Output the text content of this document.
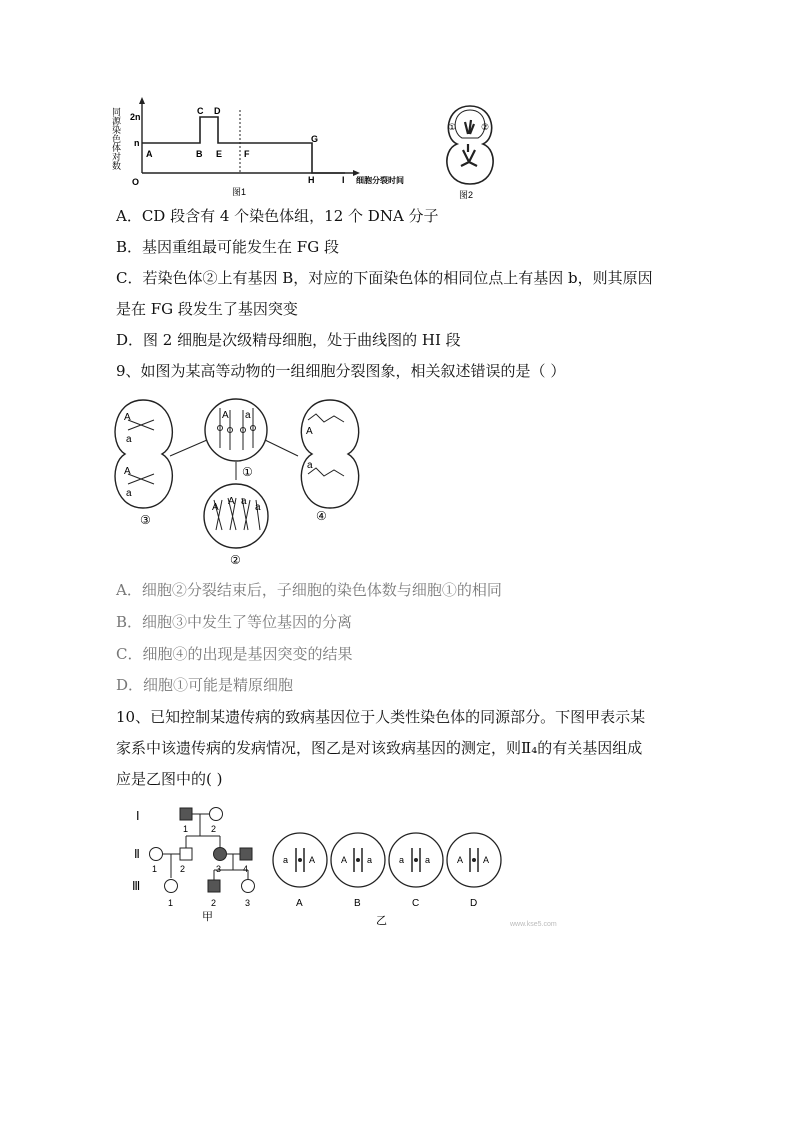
同源染色体对数 2n
n
A	B
C D
E F
G
H	I
O	细胞分裂时间
图1
①	②
图2
A．CD 段含有 4 个染色体组，12 个 DNA 分子
B．基因重组最可能发生在 FG 段
C．若染色体②上有基因 B，对应的下面染色体的相同位点上有基因 b，则其原因
是在 FG 段发生了基因突变
D．图 2 细胞是次级精母细胞，处于曲线图的 HI 段
9、如图为某高等动物的一组细胞分裂图象，相关叙述错误的是（ ）
A
a
A
a
③
A a
①
A
A a
a
②
A
a
④
A．细胞②分裂结束后，子细胞的染色体数与细胞①的相同
B．细胞③中发生了等位基因的分离
C．细胞④的出现是基因突变的结果
D．细胞①可能是精原细胞
10、已知控制某遗传病的致病基因位于人类性染色体的同源部分。下图甲表示某
家系中该遗传病的发病情况，图乙是对该致病基因的测定，则Ⅱ₄的有关基因组成
应是乙图中的( )
Ⅰ
Ⅱ
Ⅲ
1	2
1	2	3 4
1	2	3
甲
a A
A
A a
B
a a
C
A A
D
乙	www.kse5.com
